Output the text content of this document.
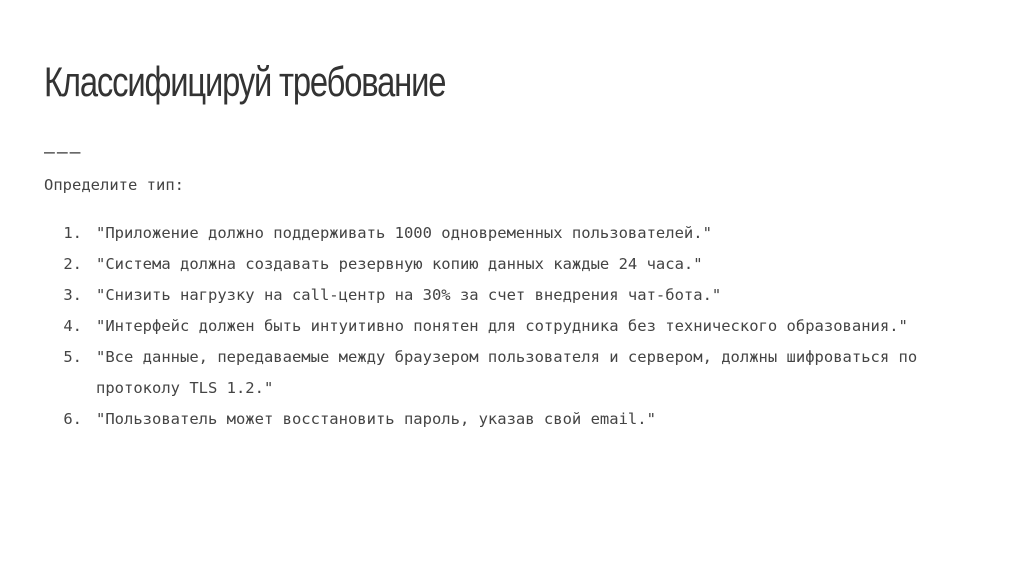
Классифицируй требование
———

Определите тип:

1. "Приложение должно поддерживать 1000 одновременных пользователей."
2. "Система должна создавать резервную копию данных каждые 24 часа."
3. "Снизить нагрузку на call-центр на 30% за счет внедрения чат-бота."
4. "Интерфейс должен быть интуитивно понятен для сотрудника без технического образования."
5. "Все данные, передаваемые между браузером пользователя и сервером, должны шифроваться по протоколу TLS 1.2."
6. "Пользователь может восстановить пароль, указав свой email."
